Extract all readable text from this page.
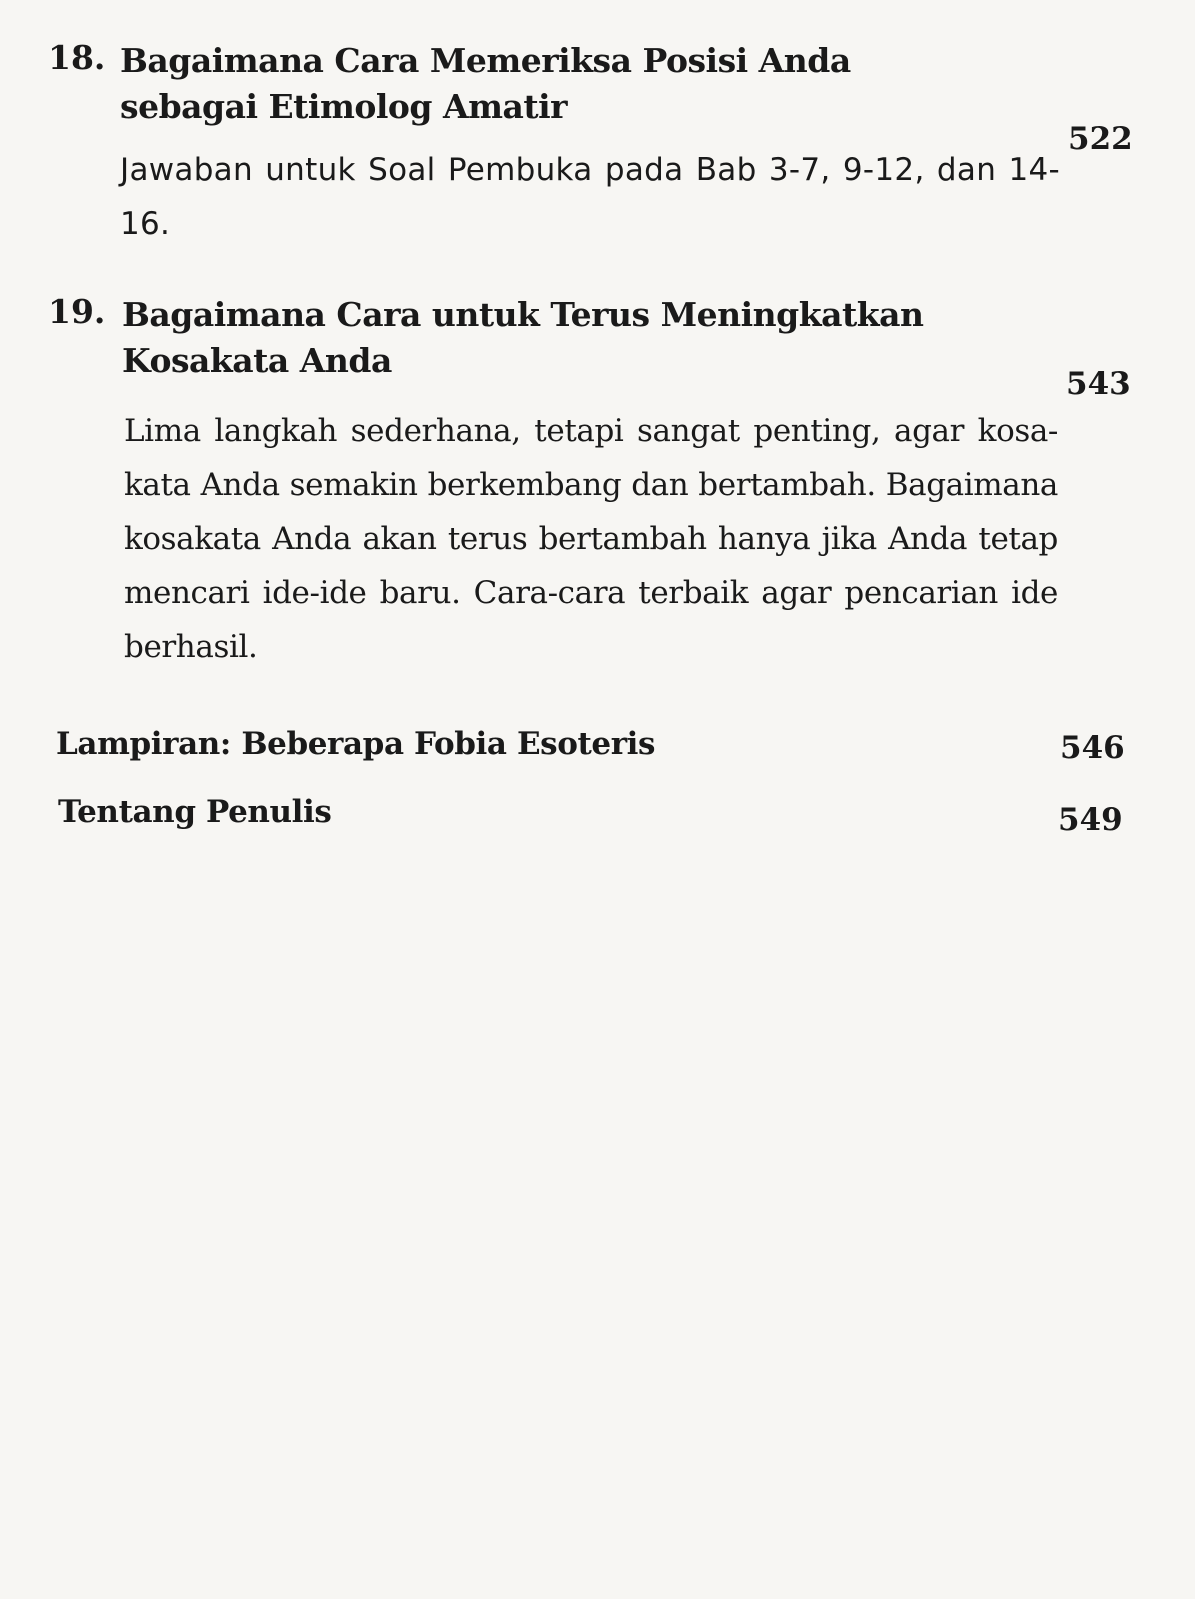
18. Bagaimana Cara Memeriksa Posisi Anda
sebagai Etimolog Amatir
522
Jawaban untuk Soal Pembuka pada Bab 3-7, 9-12, dan 14-16.
19. Bagaimana Cara untuk Terus Meningkatkan
Kosakata Anda
543
Lima langkah sederhana, tetapi sangat penting, agar kosa-kata Anda semakin berkembang dan bertambah. Bagaimana kosakata Anda akan terus bertambah hanya jika Anda tetap mencari ide-ide baru. Cara-cara terbaik agar pencarian ide berhasil.
Lampiran: Beberapa Fobia Esoteris	546
Tentang Penulis	549
